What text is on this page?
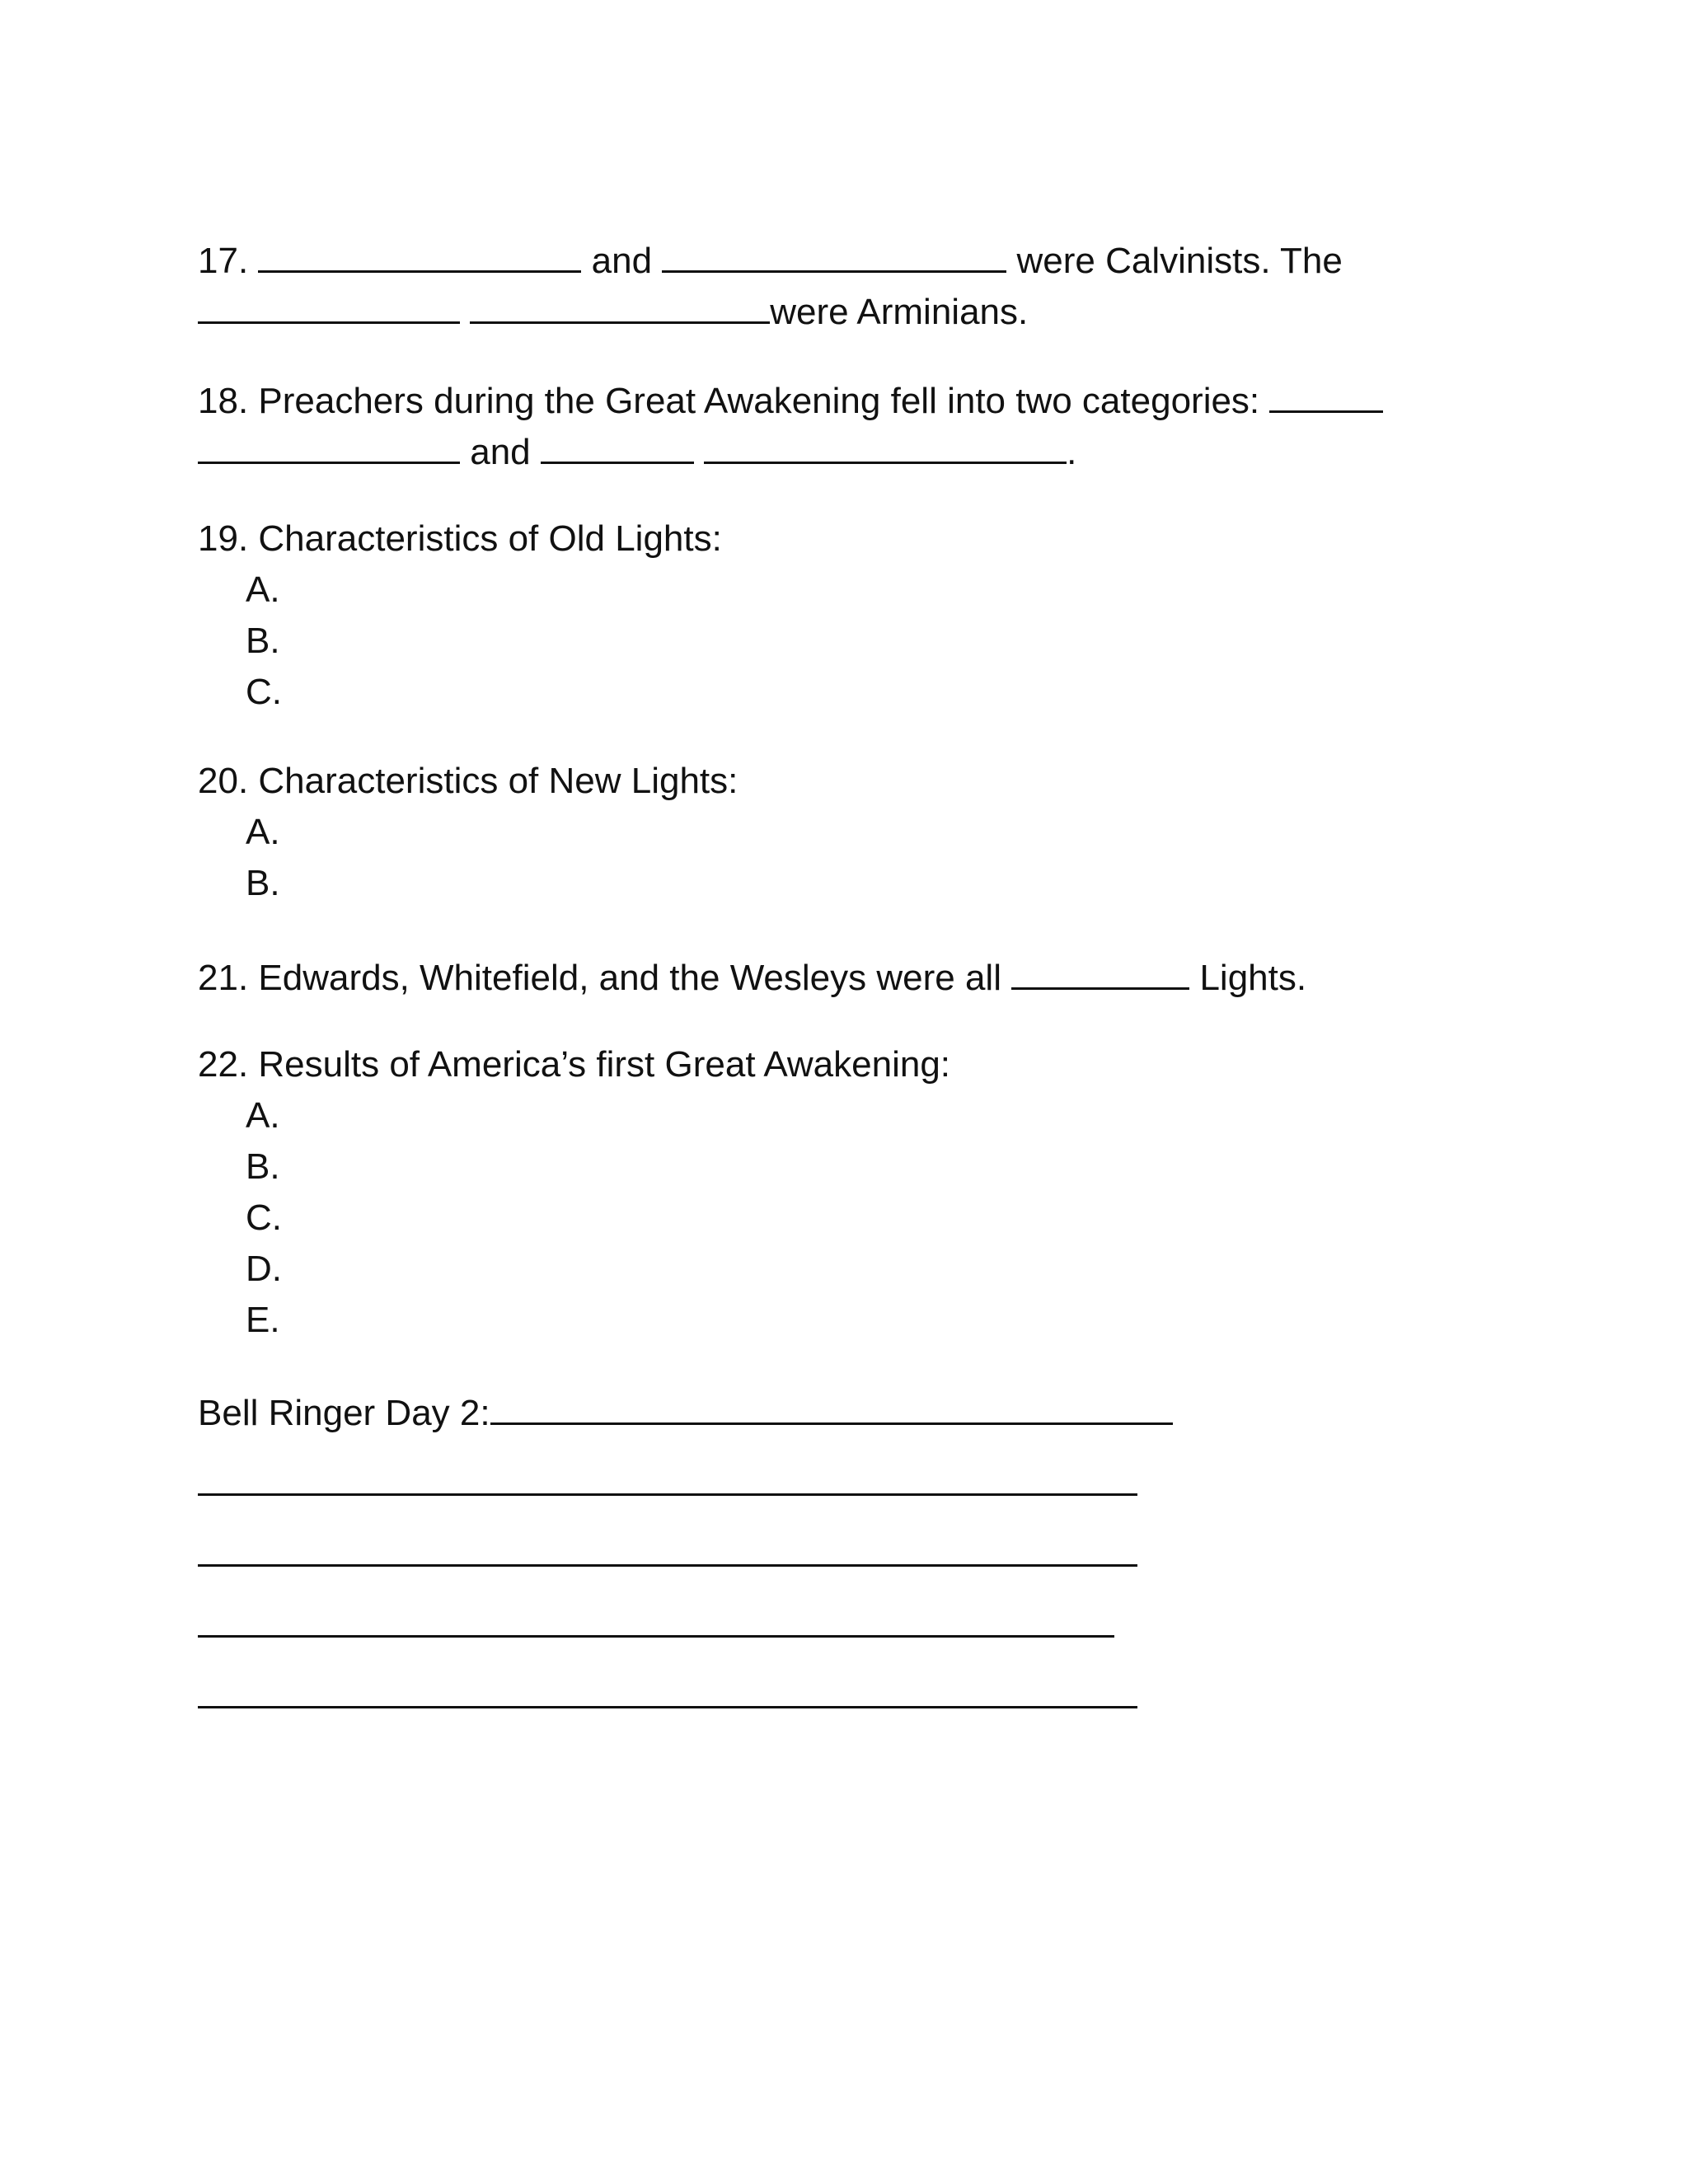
17.	and	were Calvinists. The
were Arminians.
18. Preachers during the Great Awakening fell into two categories:
and	.
19. Characteristics of Old Lights:
A.
B.
C.
20. Characteristics of New Lights:
A.
B.
21. Edwards, Whitefield, and the Wesleys were all	Lights.
22. Results of America’s first Great Awakening:
A.
B.
C.
D.
E.
Bell Ringer Day 2:
